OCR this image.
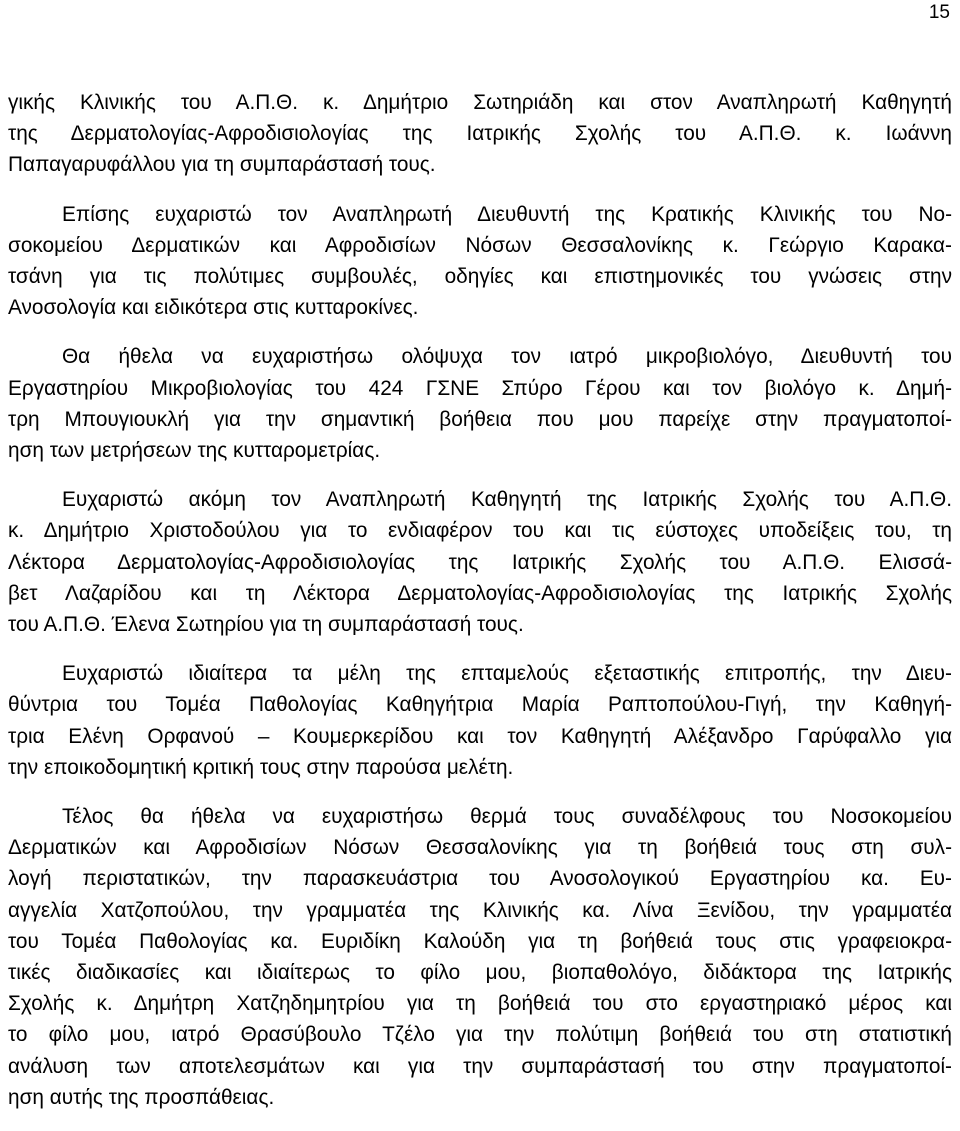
15

γικής Κλινικής του Α.Π.Θ. κ. Δημήτριο Σωτηριάδη και στον Αναπληρωτή Καθηγητή
της Δερματολογίας-Αφροδισιολογίας της Ιατρικής Σχολής του Α.Π.Θ. κ. Ιωάννη
Παπαγαρυφάλλου για τη συμπαράστασή τους.

Επίσης ευχαριστώ τον Αναπληρωτή Διευθυντή της Κρατικής Κλινικής του Νο-
σοκομείου Δερματικών και Αφροδισίων Νόσων Θεσσαλονίκης κ. Γεώργιο Καρακα-
τσάνη για τις πολύτιμες συμβουλές, οδηγίες και επιστημονικές του γνώσεις στην
Ανοσολογία και ειδικότερα στις κυτταροκίνες.

Θα ήθελα να ευχαριστήσω ολόψυχα τον ιατρό μικροβιολόγο, Διευθυντή του
Εργαστηρίου Μικροβιολογίας του 424 ΓΣΝΕ Σπύρο Γέρου και τον βιολόγο κ. Δημή-
τρη Μπουγιουκλή για την σημαντική βοήθεια που μου παρείχε στην πραγματοποί-
ηση των μετρήσεων της κυτταρομετρίας.

Ευχαριστώ ακόμη τον Αναπληρωτή Καθηγητή της Ιατρικής Σχολής του Α.Π.Θ.
κ. Δημήτριο Χριστοδούλου για το ενδιαφέρον του και τις εύστοχες υποδείξεις του, τη
Λέκτορα Δερματολογίας-Αφροδισιολογίας της Ιατρικής Σχολής του Α.Π.Θ. Ελισσά-
βετ Λαζαρίδου και τη Λέκτορα Δερματολογίας-Αφροδισιολογίας της Ιατρικής Σχολής
του Α.Π.Θ. Έλενα Σωτηρίου για τη συμπαράστασή τους.

Ευχαριστώ ιδιαίτερα τα μέλη της επταμελούς εξεταστικής επιτροπής, την Διευ-
θύντρια του Τομέα Παθολογίας Καθηγήτρια Μαρία Ραπτοπούλου-Γιγή, την Καθηγή-
τρια Ελένη Ορφανού – Κουμερκερίδου και τον Καθηγητή Αλέξανδρο Γαρύφαλλο για
την εποικοδομητική κριτική τους στην παρούσα μελέτη.

Τέλος θα ήθελα να ευχαριστήσω θερμά τους συναδέλφους του Νοσοκομείου
Δερματικών και Αφροδισίων Νόσων Θεσσαλονίκης για τη βοήθειά τους στη συλ-
λογή περιστατικών, την παρασκευάστρια του Ανοσολογικού Εργαστηρίου κα. Ευ-
αγγελία Χατζοπούλου, την γραμματέα της Κλινικής κα. Λίνα Ξενίδου, την γραμματέα
του Τομέα Παθολογίας κα. Ευριδίκη Καλούδη για τη βοήθειά τους στις γραφειοκρα-
τικές διαδικασίες και ιδιαίτερως το φίλο μου, βιοπαθολόγο, διδάκτορα της Ιατρικής
Σχολής κ. Δημήτρη Χατζηδημητρίου για τη βοήθειά του στο εργαστηριακό μέρος και
το φίλο μου, ιατρό Θρασύβουλο Τζέλο για την πολύτιμη βοήθειά του στη στατιστική
ανάλυση των αποτελεσμάτων και για την συμπαράστασή του στην πραγματοποί-
ηση αυτής της προσπάθειας.
